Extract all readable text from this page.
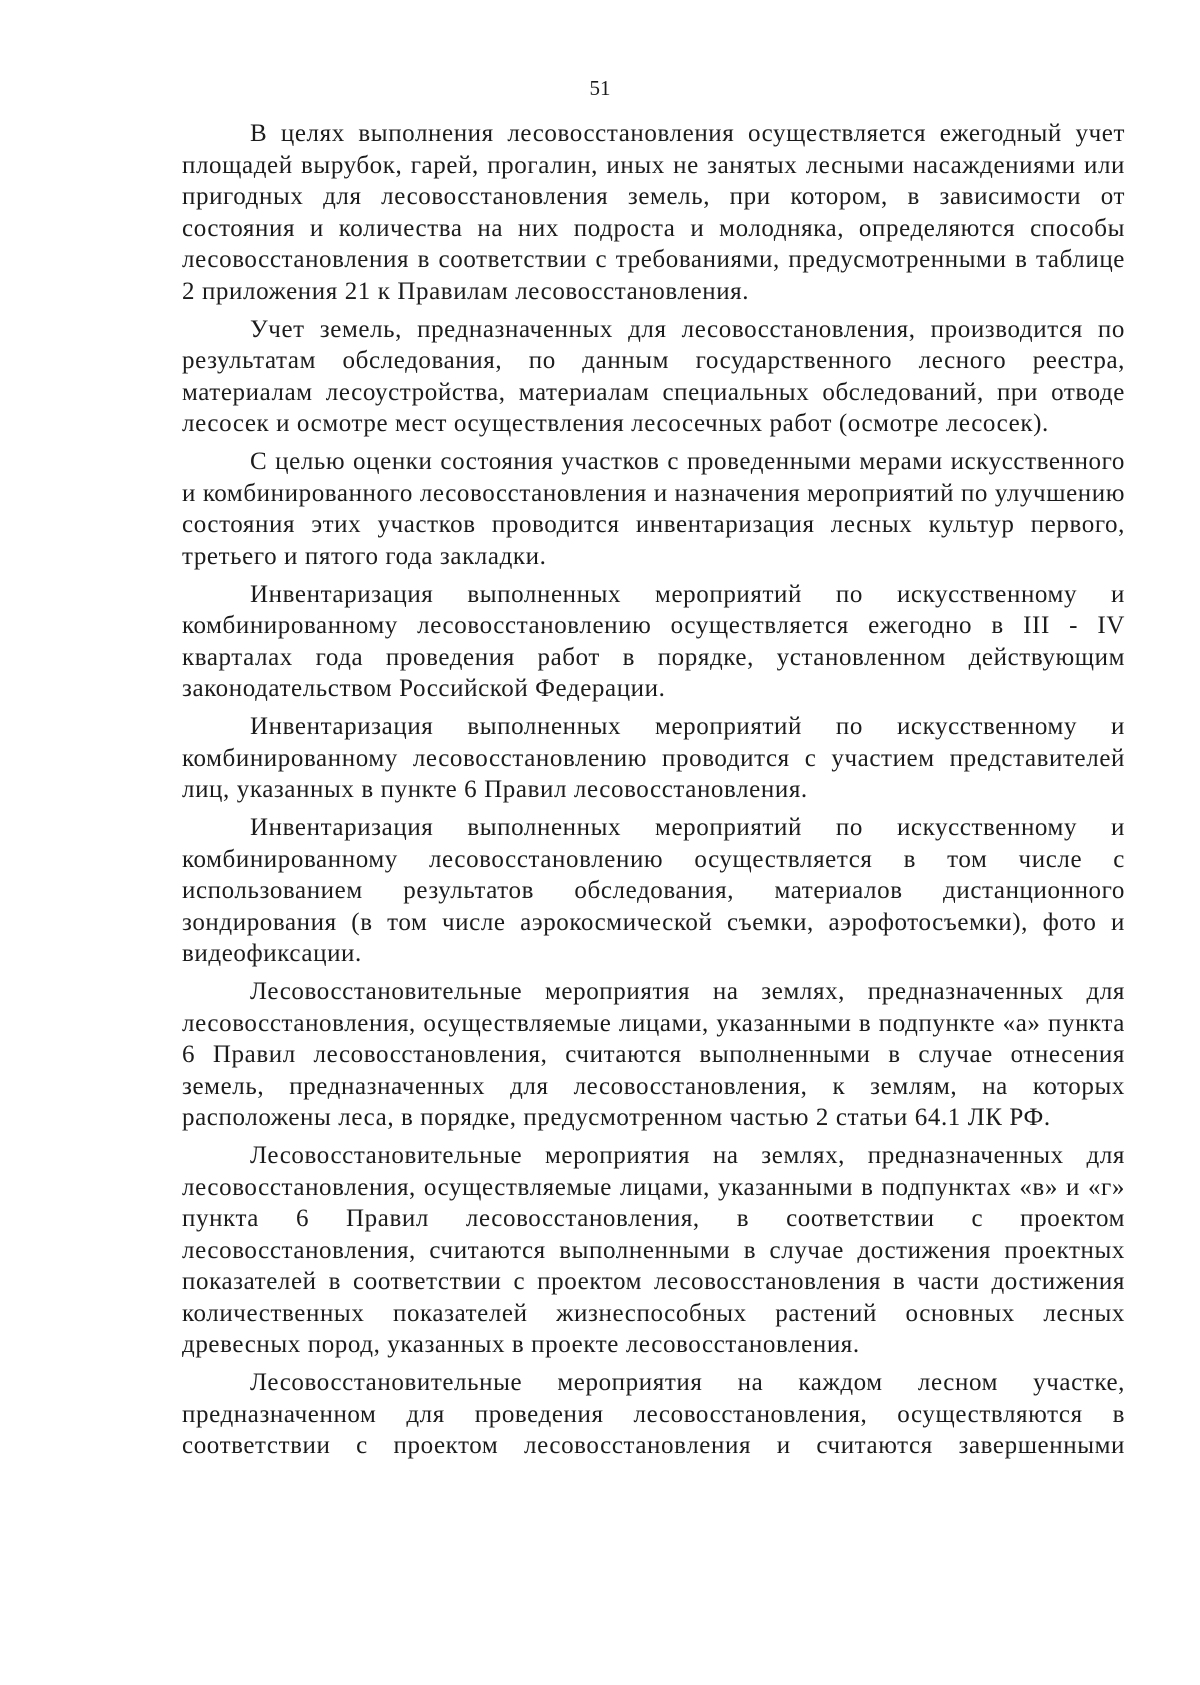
51

В целях выполнения лесовосстановления осуществляется ежегодный учет площадей вырубок, гарей, прогалин, иных не занятых лесными насаждениями или пригодных для лесовосстановления земель, при котором, в зависимости от состояния и количества на них подроста и молодняка, определяются способы лесовосстановления в соответствии с требованиями, предусмотренными в таблице 2 приложения 21 к Правилам лесовосстановления.

Учет земель, предназначенных для лесовосстановления, производится по результатам обследования, по данным государственного лесного реестра, материалам лесоустройства, материалам специальных обследований, при отводе лесосек и осмотре мест осуществления лесосечных работ (осмотре лесосек).

С целью оценки состояния участков с проведенными мерами искусственного и комбинированного лесовосстановления и назначения мероприятий по улучшению состояния этих участков проводится инвентаризация лесных культур первого, третьего и пятого года закладки.

Инвентаризация выполненных мероприятий по искусственному и комбинированному лесовосстановлению осуществляется ежегодно в III - IV кварталах года проведения работ в порядке, установленном действующим законодательством Российской Федерации.

Инвентаризация выполненных мероприятий по искусственному и комбинированному лесовосстановлению проводится с участием представителей лиц, указанных в пункте 6 Правил лесовосстановления.

Инвентаризация выполненных мероприятий по искусственному и комбинированному лесовосстановлению осуществляется в том числе с использованием результатов обследования, материалов дистанционного зондирования (в том числе аэрокосмической съемки, аэрофотосъемки), фото и видеофиксации.

Лесовосстановительные мероприятия на землях, предназначенных для лесовосстановления, осуществляемые лицами, указанными в подпункте «а» пункта 6 Правил лесовосстановления, считаются выполненными в случае отнесения земель, предназначенных для лесовосстановления, к землям, на которых расположены леса, в порядке, предусмотренном частью 2 статьи 64.1 ЛК РФ.

Лесовосстановительные мероприятия на землях, предназначенных для лесовосстановления, осуществляемые лицами, указанными в подпунктах «в» и «г» пункта 6 Правил лесовосстановления, в соответствии с проектом лесовосстановления, считаются выполненными в случае достижения проектных показателей в соответствии с проектом лесовосстановления в части достижения количественных показателей жизнеспособных растений основных лесных древесных пород, указанных в проекте лесовосстановления.

Лесовосстановительные мероприятия на каждом лесном участке, предназначенном для проведения лесовосстановления, осуществляются в соответствии с проектом лесовосстановления и считаются завершенными
